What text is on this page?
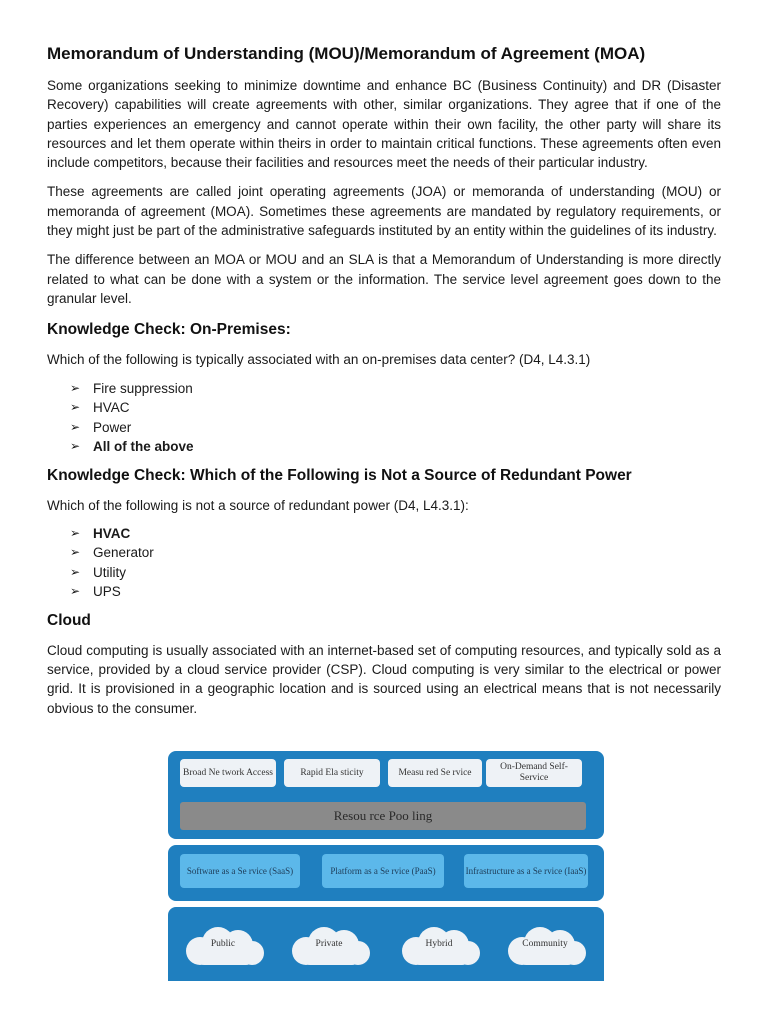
Memorandum of Understanding (MOU)/Memorandum of Agreement (MOA)

Some organizations seeking to minimize downtime and enhance BC (Business Continuity) and DR (Disaster Recovery) capabilities will create agreements with other, similar organizations. They agree that if one of the parties experiences an emergency and cannot operate within their own facility, the other party will share its resources and let them operate within theirs in order to maintain critical functions. These agreements often even include competitors, because their facilities and resources meet the needs of their particular industry.

These agreements are called joint operating agreements (JOA) or memoranda of understanding (MOU) or memoranda of agreement (MOA). Sometimes these agreements are mandated by regulatory requirements, or they might just be part of the administrative safeguards instituted by an entity within the guidelines of its industry.

The difference between an MOA or MOU and an SLA is that a Memorandum of Understanding is more directly related to what can be done with a system or the information. The service level agreement goes down to the granular level.

Knowledge Check: On-Premises:

Which of the following is typically associated with an on-premises data center? (D4, L4.3.1)

➢ Fire suppression
➢ HVAC
➢ Power
➢ All of the above
Knowledge Check: Which of the Following is Not a Source of Redundant Power

Which of the following is not a source of redundant power (D4, L4.3.1):

➢ HVAC
➢ Generator
➢ Utility
➢ UPS
Cloud

Cloud computing is usually associated with an internet-based set of computing resources, and typically sold as a service, provided by a cloud service provider (CSP). Cloud computing is very similar to the electrical or power grid. It is provisioned in a geographic location and is sourced using an electrical means that is not necessarily obvious to the consumer.

Broad Ne twork Access	Rapid Ela sticity	Measu red Se rvice
On-Demand Self-Service
Resou rce Poo ling
Software as a Se rvice (SaaS)	Platform as a Se rvice (PaaS)	Infrastructure as a Se rvice (IaaS)
Public	Private	Hybrid	Community
